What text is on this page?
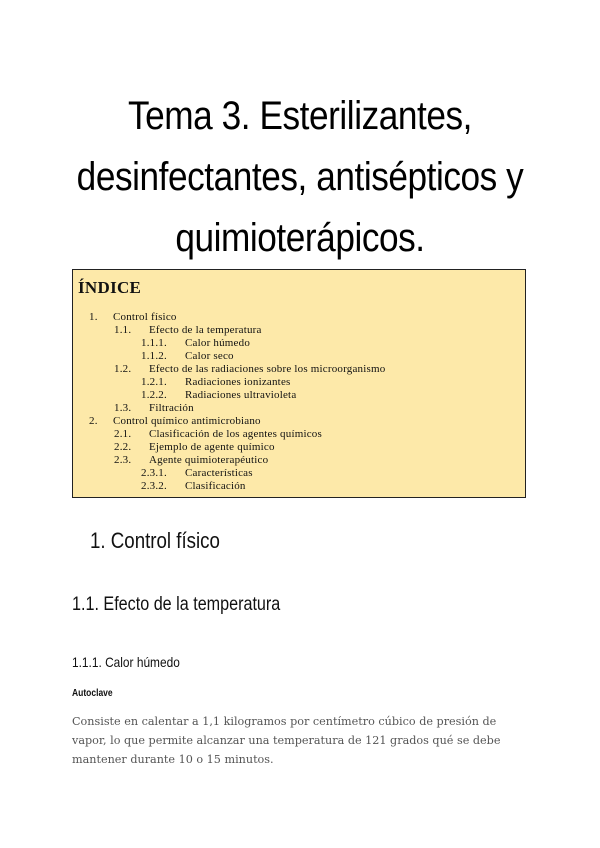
Tema 3. Esterilizantes,
desinfectantes, antisépticos y
quimioterápicos.
ÍNDICE
1. Control físico
1.1. Efecto de la temperatura
1.1.1. Calor húmedo
1.1.2. Calor seco
1.2. Efecto de las radiaciones sobre los microorganismo
1.2.1. Radiaciones ionizantes
1.2.2. Radiaciones ultravioleta
1.3. Filtración
2. Control químico antimicrobiano
2.1. Clasificación de los agentes químicos
2.2. Ejemplo de agente químico
2.3. Agente quimioterapéutico
2.3.1. Características
2.3.2. Clasificación
1. Control físico
1.1. Efecto de la temperatura
1.1.1. Calor húmedo
Autoclave

Consiste en calentar a 1,1 kilogramos por centímetro cúbico de presión de vapor, lo que permite alcanzar una temperatura de 121 grados qué se debe mantener durante 10 o 15 minutos.
